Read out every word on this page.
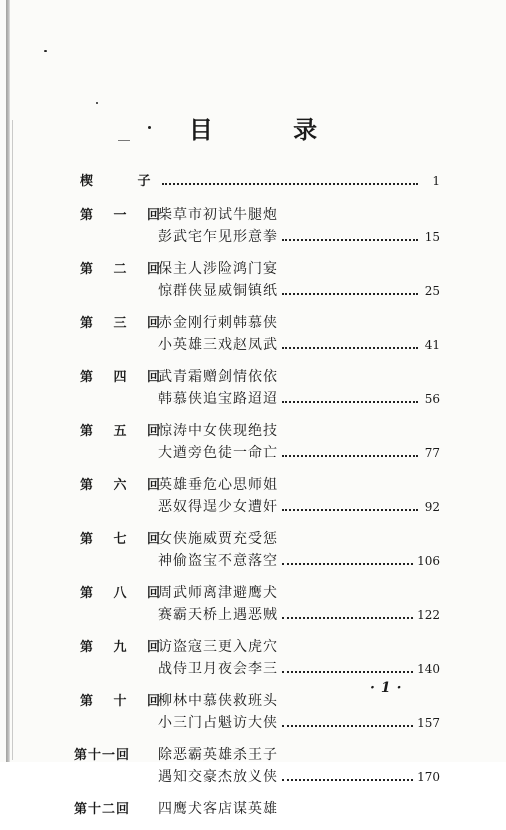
目 录
楔 子	1
第 一 回
柴草市初试牛腿炮
彭武宅乍见形意拳	15
第 二 回
保主人涉险鸿门宴
惊群侠显威铜镇纸	25
第 三 回
赤金刚行刺韩慕侠
小英雄三戏赵凤武	41
第 四 回
武青霜赠剑情依依
韩慕侠追宝路迢迢	56
第 五 回
惊涛中女侠现绝技
大遒旁色徒一命亡	77
第 六 回
英雄垂危心思师姐
恶奴得逞少女遭奸	92
第 七 回
女侠施威贾充受惩
神偷盗宝不意落空	106
第 八 回
周武师离津避鹰犬
赛霸天桥上遇恶贼	122
第 九 回
访盗寇三更入虎穴
战侍卫月夜会李三	140
第 十 回
柳林中慕侠救班头
小三门占魁访大侠	157
第十一回	除恶霸英雄杀王子
遇知交豪杰放义侠	170
第十二回	四鹰犬客店谋英雄
·1·
